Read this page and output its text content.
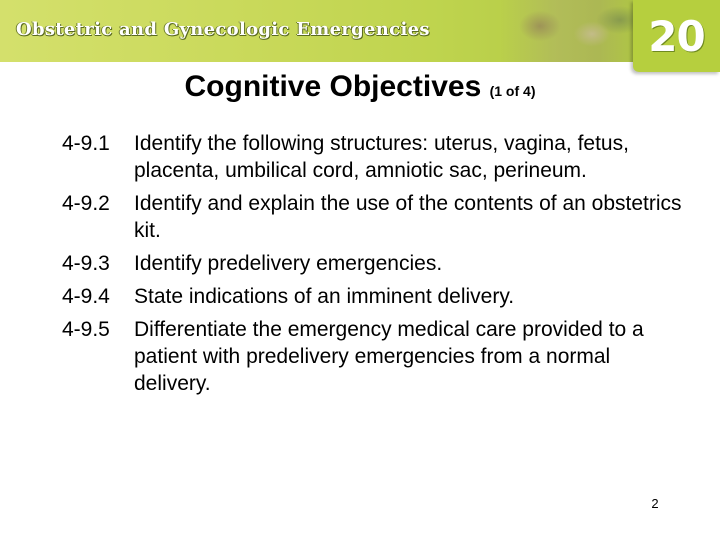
Obstetric and Gynecologic Emergencies	20
Cognitive Objectives (1 of 4)
4-9.1	Identify the following structures: uterus, vagina, fetus, placenta, umbilical cord, amniotic sac, perineum.
4-9.2	Identify and explain the use of the contents of an obstetrics kit.
4-9.3	Identify predelivery emergencies.
4-9.4	State indications of an imminent delivery.
4-9.5	Differentiate the emergency medical care provided to a patient with predelivery emergencies from a normal delivery.
2
